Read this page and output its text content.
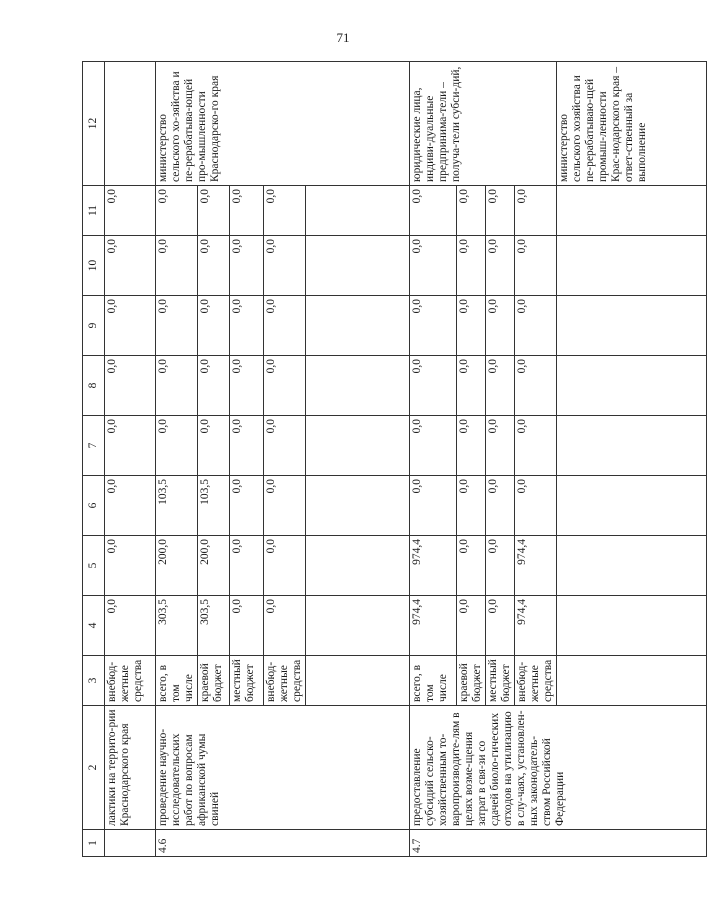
71
1	2	3	4	5	6	7	8	9	10	11	12
	лактики на террито-рии Краснодарского края	внебюд-жетные средства	0,0	0,0	0,0	0,0	0,0	0,0	0,0	0,0	
4.6	проведение научно-исследовательских работ по вопросам африканской чумы свиней	всего, в том числе	303,5	200,0	103,5	0,0	0,0	0,0	0,0	0,0	министерство сельского хо-зяйства и пе-рерабатыва-ющей про-мышленности Краснодарско-го края
		краевой бюджет	303,5	200,0	103,5	0,0	0,0	0,0	0,0	0,0	
		местный бюджет	0,0	0,0	0,0	0,0	0,0	0,0	0,0	0,0	
		внебюд-жетные средства	0,0	0,0	0,0	0,0	0,0	0,0	0,0	0,0	

4.7	предоставление субсидий сельско-хозяйственным то-варопроизводите-лям в целях возме-щения затрат в свя-зи со сдачей биоло-гических отходов на утилизацию в слу-чаях, установлен-ных законодатель-ством Российской Федерации	всего, в том числе	974,4	974,4	0,0	0,0	0,0	0,0	0,0	0,0	юридические лица, индиви-дуальные предпринима-тели – получа-тели субси-дий,
		краевой бюджет	0,0	0,0	0,0	0,0	0,0	0,0	0,0	0,0	
		местный бюджет	0,0	0,0	0,0	0,0	0,0	0,0	0,0	0,0	
		внебюд-жетные средства	974,4	974,4	0,0	0,0	0,0	0,0	0,0	0,0	
											министерство сельского хозяйства и пе-рерабатываю-щей промыш-ленности Крас-нодарского края – ответ-ственный за выполнение
